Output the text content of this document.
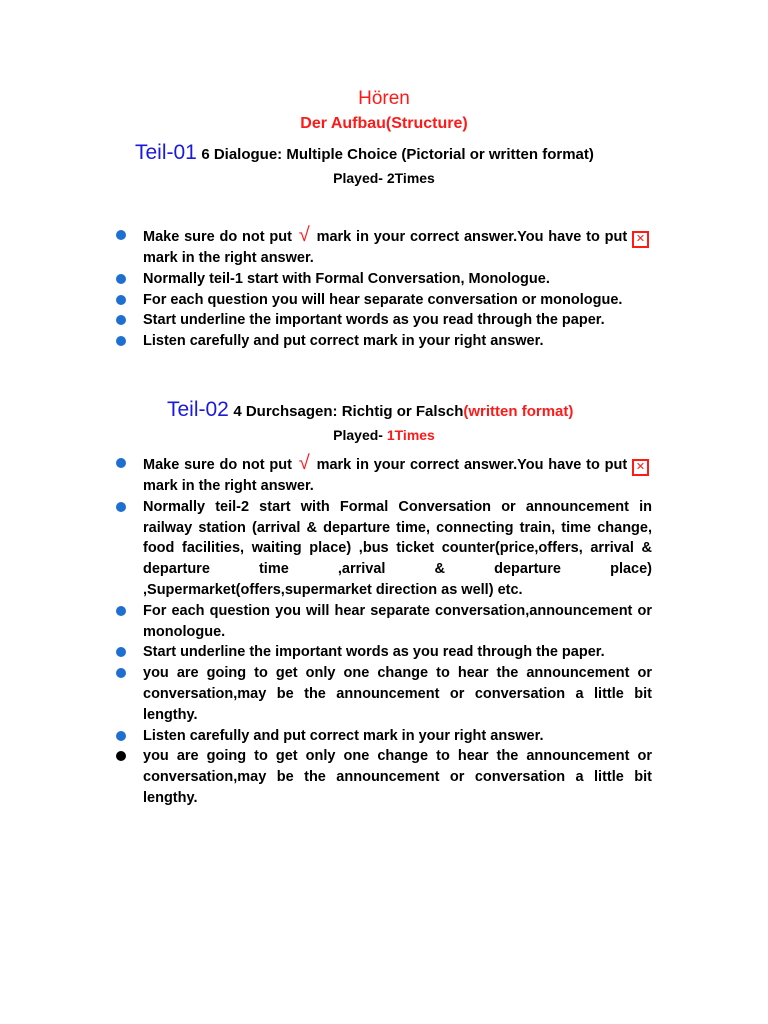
Hören
Der Aufbau(Structure)
Teil-01 6 Dialogue: Multiple Choice (Pictorial or written format)
Played- 2Times
Make sure do not put √ mark in your correct answer.You have to put ✕mark in the right answer.
Normally teil-1 start with Formal Conversation, Monologue.
For each question you will hear separate conversation or monologue.
Start underline the important words as you read through the paper.
Listen carefully and put correct mark in your right answer.
Teil-02 4 Durchsagen: Richtig or Falsch(written format)
Played- 1Times
Make sure do not put √ mark in your correct answer.You have to put ✕mark in the right answer.
Normally teil-2 start with Formal Conversation or announcement in railway station (arrival & departure time, connecting train, time change, food facilities, waiting place) ,bus ticket counter(price,offers, arrival & departure time ,arrival & departure place) ,Supermarket(offers,supermarket direction as well) etc.
For each question you will hear separate conversation,announcement or monologue.
Start underline the important words as you read through the paper.
you are going to get only one change to hear the announcement or conversation,may be the announcement or conversation a little bit lengthy.
Listen carefully and put correct mark in your right answer.
you are going to get only one change to hear the announcement or conversation,may be the announcement or conversation a little bit lengthy.
